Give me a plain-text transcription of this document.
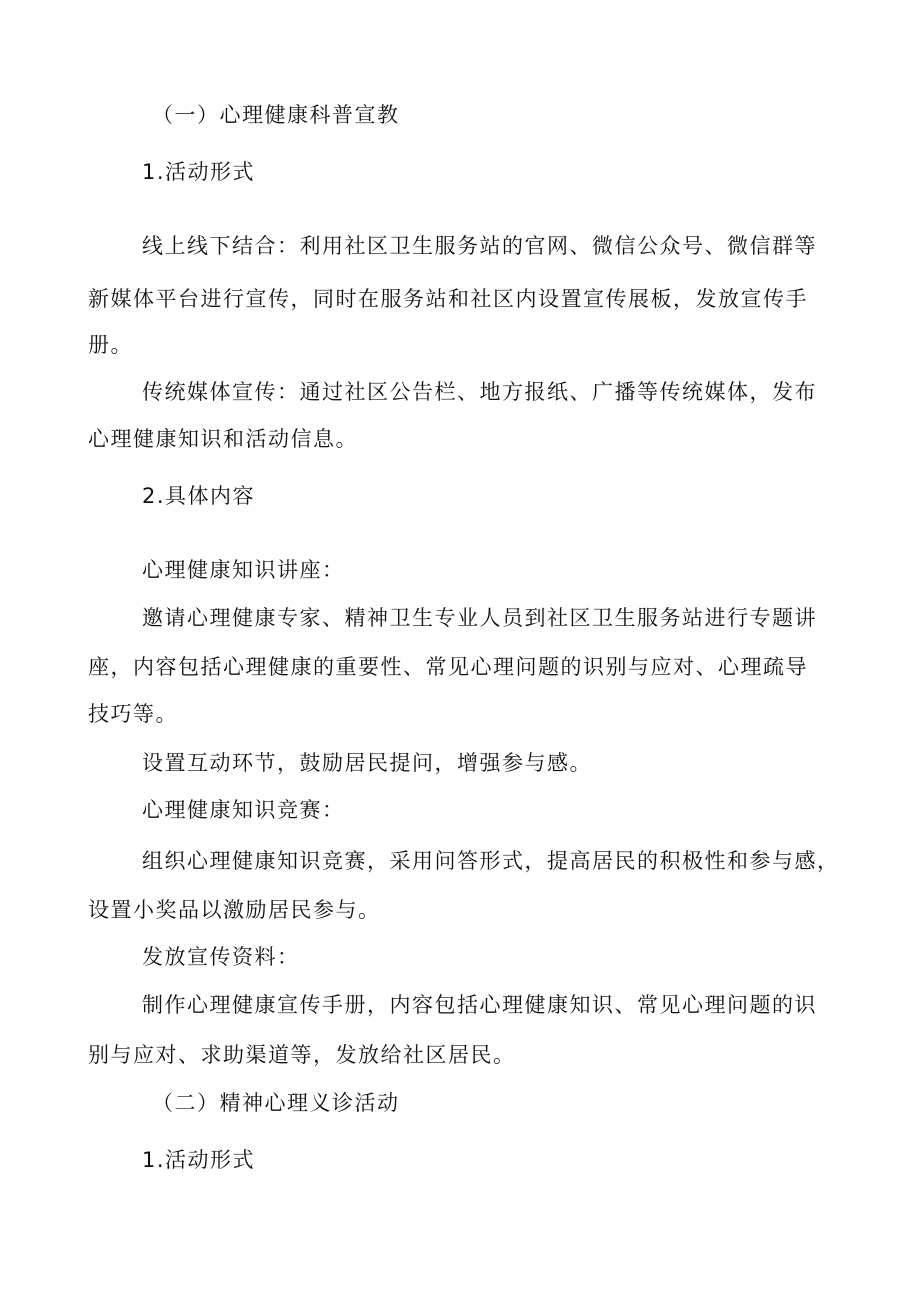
（一）心理健康科普宣教

1.活动形式

线上线下结合：利用社区卫生服务站的官网、微信公众号、微信群等

新媒体平台进行宣传，同时在服务站和社区内设置宣传展板，发放宣传手

册。

传统媒体宣传：通过社区公告栏、地方报纸、广播等传统媒体，发布

心理健康知识和活动信息。

2.具体内容

心理健康知识讲座：

邀请心理健康专家、精神卫生专业人员到社区卫生服务站进行专题讲

座，内容包括心理健康的重要性、常见心理问题的识别与应对、心理疏导

技巧等。

设置互动环节，鼓励居民提问，增强参与感。

心理健康知识竞赛：

组织心理健康知识竞赛，采用问答形式，提高居民的积极性和参与感，

设置小奖品以激励居民参与。

发放宣传资料：

制作心理健康宣传手册，内容包括心理健康知识、常见心理问题的识

别与应对、求助渠道等，发放给社区居民。

（二）精神心理义诊活动

1.活动形式
